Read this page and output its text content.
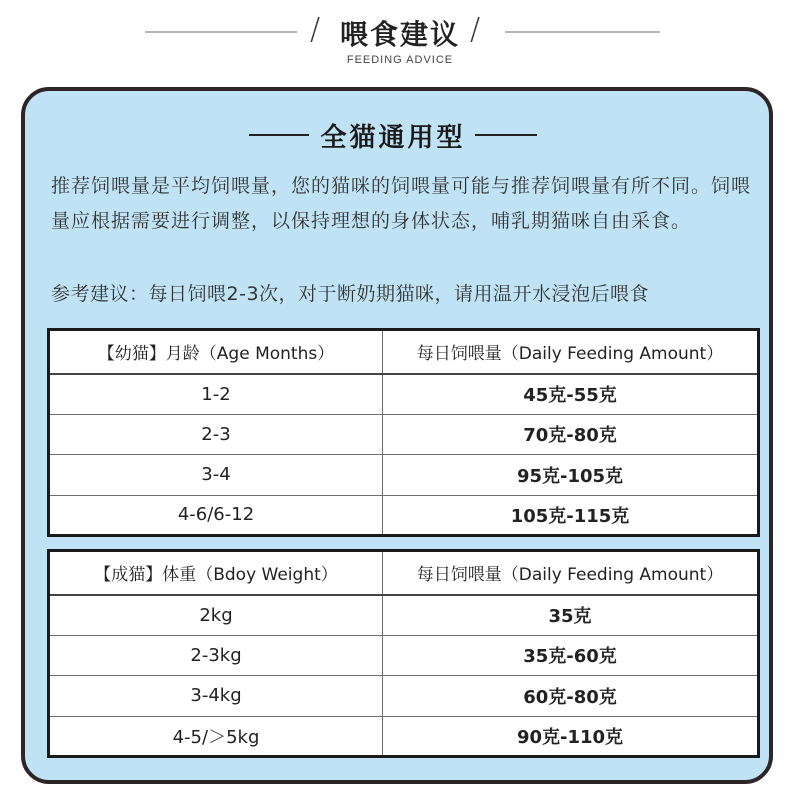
/ 喂食建议 /
FEEDING ADVICE
全猫通用型

推荐饲喂量是平均饲喂量，您的猫咪的饲喂量可能与推荐饲喂量有所不同。饲喂量应根据需要进行调整，以保持理想的身体状态，哺乳期猫咪自由采食。

参考建议：每日饲喂2-3次，对于断奶期猫咪，请用温开水浸泡后喂食
【幼猫】月龄（Age Months）	每日饲喂量（Daily Feeding Amount）
1-2	45克-55克
2-3	70克-80克
3-4	95克-105克
4-6/6-12	105克-115克
【成猫】体重（Bdoy Weight）	每日饲喂量（Daily Feeding Amount）
2kg	35克
2-3kg	35克-60克
3-4kg	60克-80克
4-5/＞5kg	90克-110克
